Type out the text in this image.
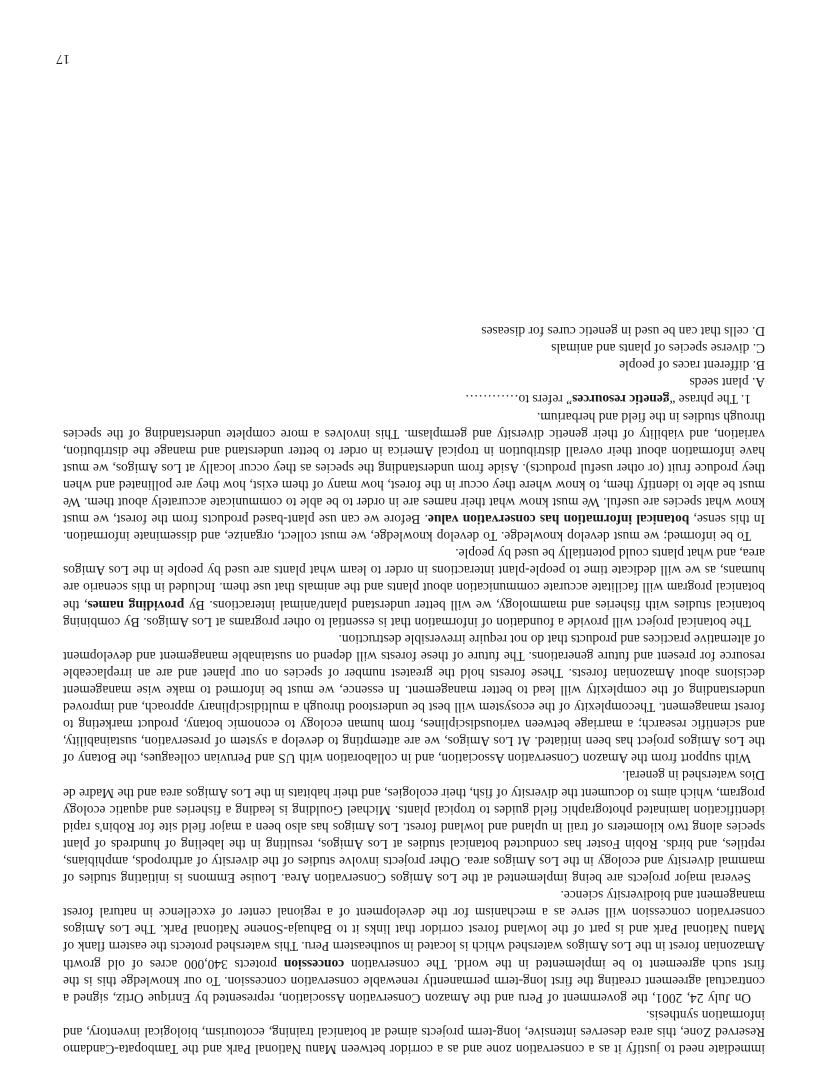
immediate need to justify it as a conservation zone and as a corridor between Manu National Park and the Tambopata-Candamo Reserved Zone, this area deserves intensive, long-term projects aimed at botanical training, ecotourism, biological inventory, and information synthesis.

On July 24, 2001, the government of Peru and the Amazon Conservation Association, represented by Enrique Ortiz, signed a contractual agreement creating the first long-term permanently renewable conservation concession. To our knowledge this is the first such agreement to be implemented in the world. The conservation concession protects 340,000 acres of old growth Amazonian forest in the Los Amigos watershed which is located in southeastern Peru. This watershed protects the eastern flank of Manu National Park and is part of the lowland forest corridor that links it to Bahuaja-Sonene National Park. The Los Amigos conservation concession will serve as a mechanism for the development of a regional center of excellence in natural forest management and biodiversity science.

Several major projects are being implemented at the Los Amigos Conservation Area. Louise Emmons is initiating studies of mammal diversity and ecology in the Los Amigos area. Other projects involve studies of the diversity of arthropods, amphibians, reptiles, and birds. Robin Foster has conducted botanical studies at Los Amigos, resulting in the labeling of hundreds of plant species along two kilometers of trail in upland and lowland forest. Los Amigos has also been a major field site for Robin's rapid identification laminated photographic field guides to tropical plants. Michael Goulding is leading a fisheries and aquatic ecology program, which aims to document the diversity of fish, their ecologies, and their habitats in the Los Amigos area and the Madre de Dios watershed in general.

With support from the Amazon Conservation Association, and in collaboration with US and Peruvian colleagues, the Botany of the Los Amigos project has been initiated. At Los Amigos, we are attempting to develop a system of preservation, sustainability, and scientific research; a marriage between variousdisciplines, from human ecology to economic botany, product marketing to forest management. Thecomplexity of the ecosystem will best be understood through a multidisciplinary approach, and improved understanding of the complexity will lead to better management. In essence, we must be informed to make wise management decisions about Amazonian forests. These forests hold the greatest number of species on our planet and are an irreplaceable resource for present and future generations. The future of these forests will depend on sustainable management and development of alternative practices and products that do not require irreversible destruction.

The botanical project will provide a foundation of information that is essential to other programs at Los Amigos. By combining botanical studies with fisheries and mammology, we will better understand plant/animal interactions. By providing names, the botanical program will facilitate accurate communication about plants and the animals that use them. Included in this scenario are humans, as we will dedicate time to people-plant interactions in order to learn what plants are used by people in the Los Amigos area, and what plants could potentially be used by people.

To be informed; we must develop knowledge. To develop knowledge, we must collect, organize, and disseminate information. In this sense, botanical information has conservation value. Before we can use plant-based products from the forest, we must know what species are useful. We must know what their names are in order to be able to communicate accurately about them. We must be able to identify them, to know where they occur in the forest, how many of them exist, how they are pollinated and when they produce fruit (or other useful products). Aside from understanding the species as they occur locally at Los Amigos, we must have information about their overall distribution in tropical America in order to better understand and manage the distribution, variation, and viability of their genetic diversity and germplasm. This involves a more complete understanding of the species through studies in the field and herbarium.

1. The phrase “genetic resources” refers to…………

A. plant seeds

B. different races of people

C. diverse species of plants and animals

D. cells that can be used in genetic cures for diseases

17
